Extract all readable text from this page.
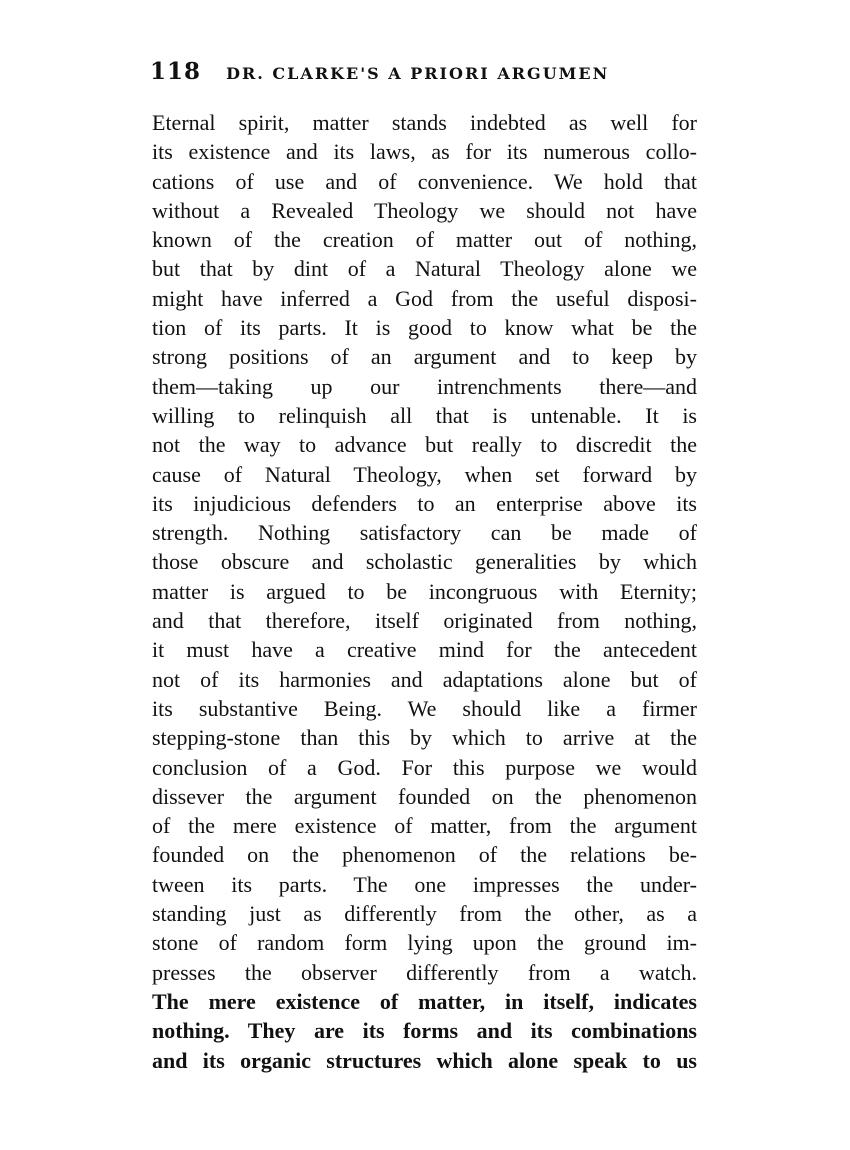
118 DR. CLARKE'S A PRIORI ARGUMEN
Eternal spirit, matter stands indebted as well for
its existence and its laws, as for its numerous collo-
cations of use and of convenience. We hold that
without a Revealed Theology we should not have
known of the creation of matter out of nothing,
but that by dint of a Natural Theology alone we
might have inferred a God from the useful disposi-
tion of its parts. It is good to know what be the
strong positions of an argument and to keep by
them—taking up our intrenchments there—and
willing to relinquish all that is untenable. It is
not the way to advance but really to discredit the
cause of Natural Theology, when set forward by
its injudicious defenders to an enterprise above its
strength. Nothing satisfactory can be made of
those obscure and scholastic generalities by which
matter is argued to be incongruous with Eternity;
and that therefore, itself originated from nothing,
it must have a creative mind for the antecedent
not of its harmonies and adaptations alone but of
its substantive Being. We should like a firmer
stepping-stone than this by which to arrive at the
conclusion of a God. For this purpose we would
dissever the argument founded on the phenomenon
of the mere existence of matter, from the argument
founded on the phenomenon of the relations be-
tween its parts. The one impresses the under-
standing just as differently from the other, as a
stone of random form lying upon the ground im-
presses the observer differently from a watch.
The mere existence of matter, in itself, indicates
nothing. They are its forms and its combinations
and its organic structures which alone speak to us
